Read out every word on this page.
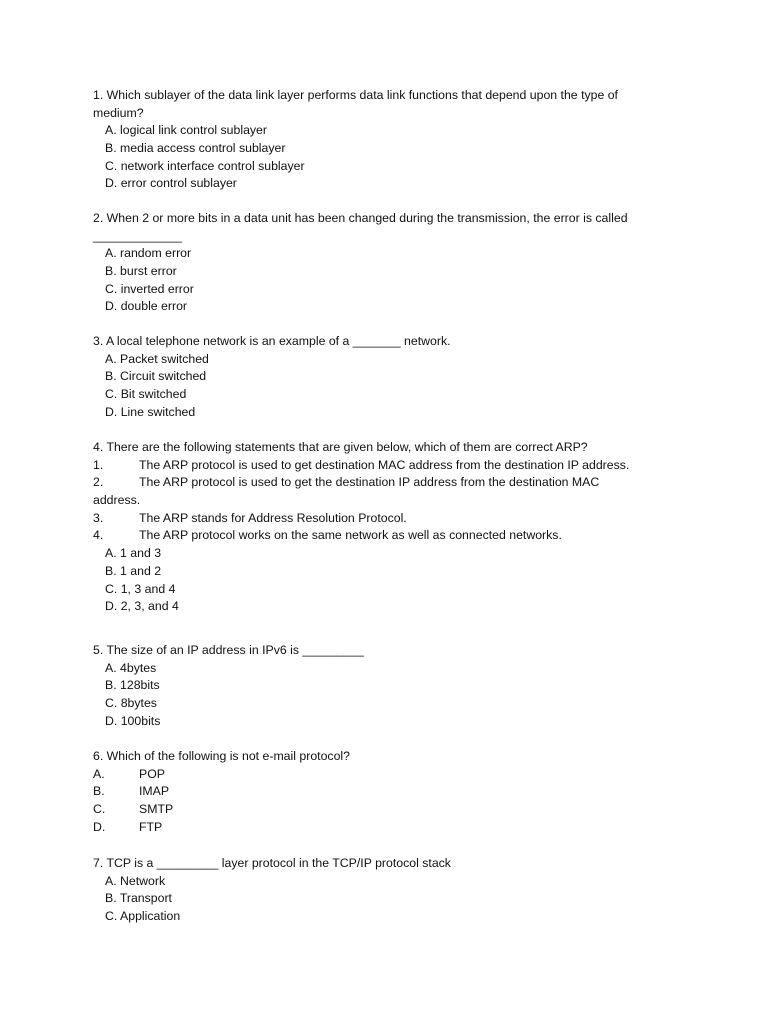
1. Which sublayer of the data link layer performs data link functions that depend upon the type of
medium?
A. logical link control sublayer
B. media access control sublayer
C. network interface control sublayer
D. error control sublayer
2. When 2 or more bits in a data unit has been changed during the transmission, the error is called
_____________
A. random error
B. burst error
C. inverted error
D. double error
3. A local telephone network is an example of a _______ network.
A. Packet switched
B. Circuit switched
C. Bit switched
D. Line switched
4. There are the following statements that are given below, which of them are correct ARP?
1.	The ARP protocol is used to get destination MAC address from the destination IP address.
2.	The ARP protocol is used to get the destination IP address from the destination MAC
address.
3.	The ARP stands for Address Resolution Protocol.
4.	The ARP protocol works on the same network as well as connected networks.
A. 1 and 3
B. 1 and 2
C. 1, 3 and 4
D. 2, 3, and 4
5. The size of an IP address in IPv6 is _________
A. 4bytes
B. 128bits
C. 8bytes
D. 100bits
6. Which of the following is not e-mail protocol?
A.	POP
B.	IMAP
C.	SMTP
D.	FTP
7. TCP is a _________ layer protocol in the TCP/IP protocol stack
A. Network
B. Transport
C. Application
